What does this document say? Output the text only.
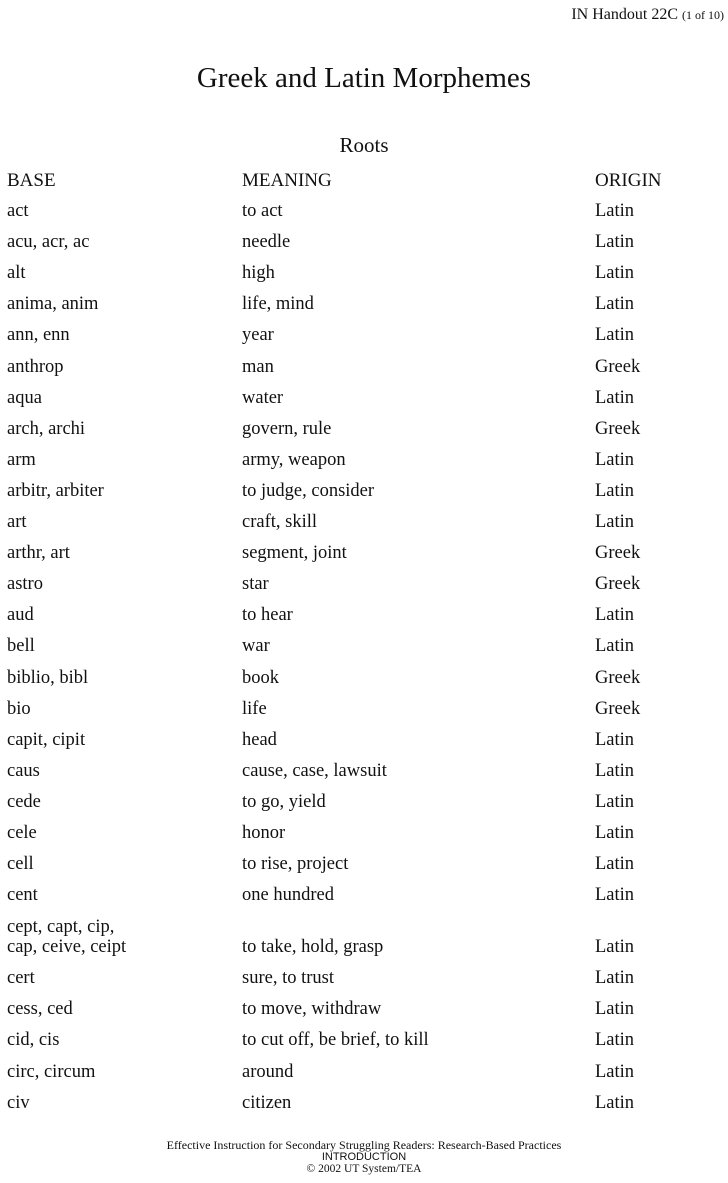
IN Handout 22C (1 of 10)
Greek and Latin Morphemes
Roots
BASE	MEANING	ORIGIN
act	to act	Latin
acu, acr, ac	needle	Latin
alt	high	Latin
anima, anim	life, mind	Latin
ann, enn	year	Latin
anthrop	man	Greek
aqua	water	Latin
arch, archi	govern, rule	Greek
arm	army, weapon	Latin
arbitr, arbiter	to judge, consider	Latin
art	craft, skill	Latin
arthr, art	segment, joint	Greek
astro	star	Greek
aud	to hear	Latin
bell	war	Latin
biblio, bibl	book	Greek
bio	life	Greek
capit, cipit	head	Latin
caus	cause, case, lawsuit	Latin
cede	to go, yield	Latin
cele	honor	Latin
cell	to rise, project	Latin
cent	one hundred	Latin
cept, capt, cip,
cap, ceive, ceipt	to take, hold, grasp	Latin
cert	sure, to trust	Latin
cess, ced	to move, withdraw	Latin
cid, cis	to cut off, be brief, to kill	Latin
circ, circum	around	Latin
civ	citizen	Latin
Effective Instruction for Secondary Struggling Readers: Research-Based Practices
INTRODUCTION
© 2002 UT System/TEA
